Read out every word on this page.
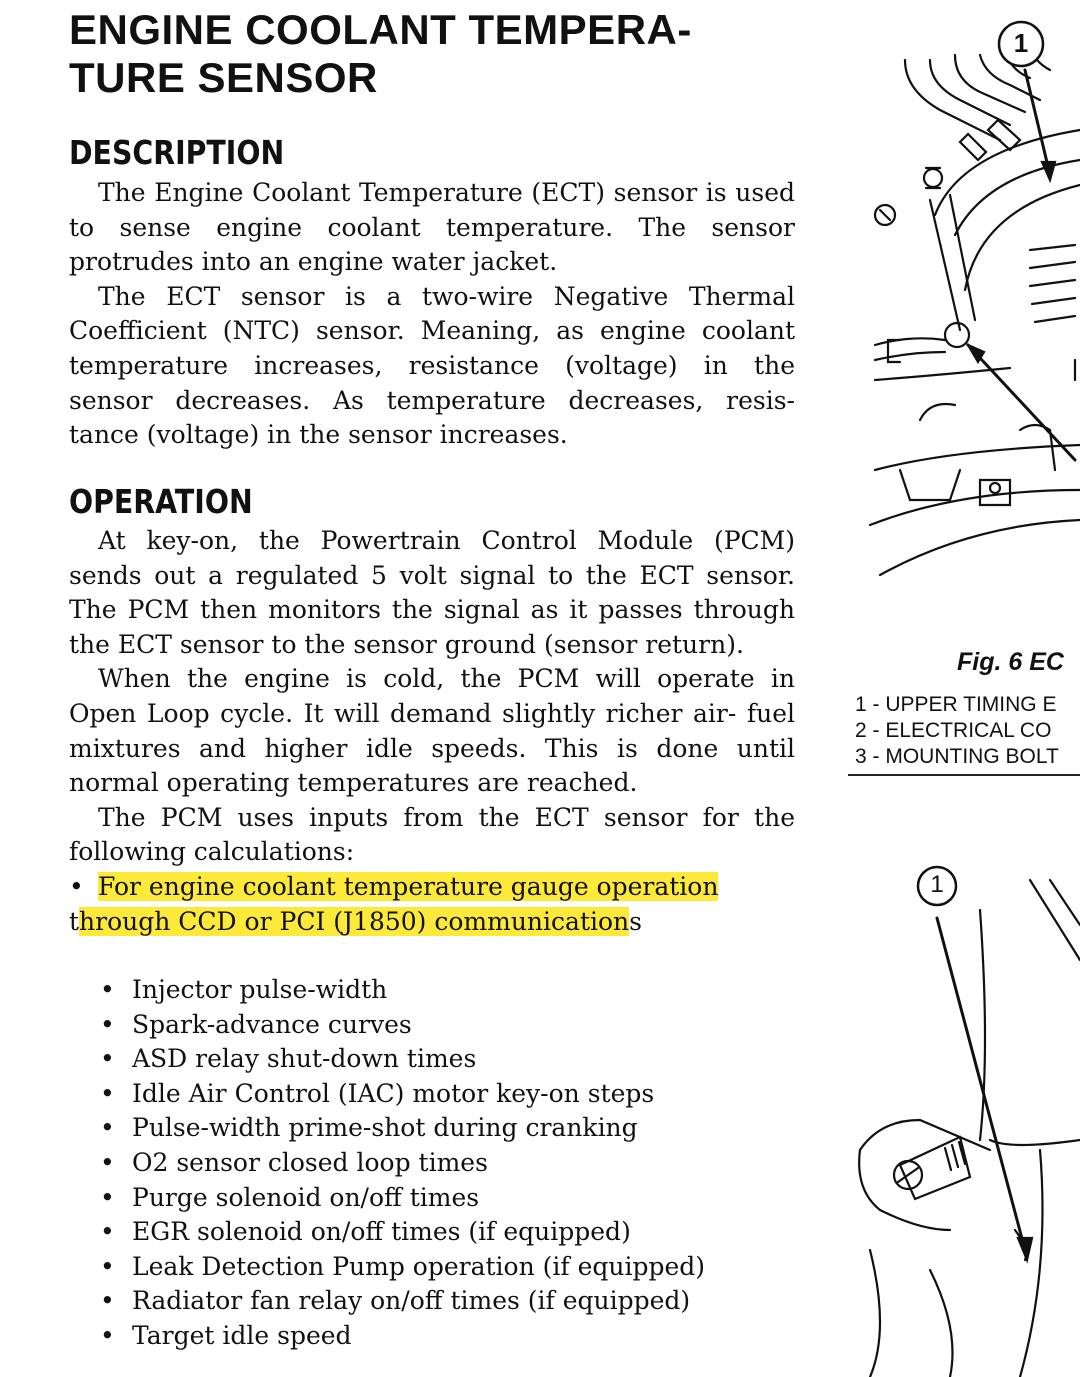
ENGINE COOLANT TEMPERA-
TURE SENSOR
DESCRIPTION

The Engine Coolant Temperature (ECT) sensor is used to sense engine coolant temperature. The sensor protrudes into an engine water jacket.

The ECT sensor is a two-wire Negative Thermal Coefficient (NTC) sensor. Meaning, as engine coolant temperature increases, resistance (voltage) in the sensor decreases. As temperature decreases, resis- tance (voltage) in the sensor increases.

OPERATION

At key-on, the Powertrain Control Module (PCM) sends out a regulated 5 volt signal to the ECT sensor. The PCM then monitors the signal as it passes through the ECT sensor to the sensor ground (sensor return).

When the engine is cold, the PCM will operate in Open Loop cycle. It will demand slightly richer air- fuel mixtures and higher idle speeds. This is done until normal operating temperatures are reached.

The PCM uses inputs from the ECT sensor for the following calculations:

• For engine coolant temperature gauge operation
through CCD or PCI (J1850) communications

• Injector pulse-width
• Spark-advance curves
• ASD relay shut-down times
• Idle Air Control (IAC) motor key-on steps
• Pulse-width prime-shot during cranking
• O2 sensor closed loop times
• Purge solenoid on/off times
• EGR solenoid on/off times (if equipped)
• Leak Detection Pump operation (if equipped)
• Radiator fan relay on/off times (if equipped)
• Target idle speed
1
Fig. 6 EC
1 - UPPER TIMING E
2 - ELECTRICAL CO
3 - MOUNTING BOLT
1
